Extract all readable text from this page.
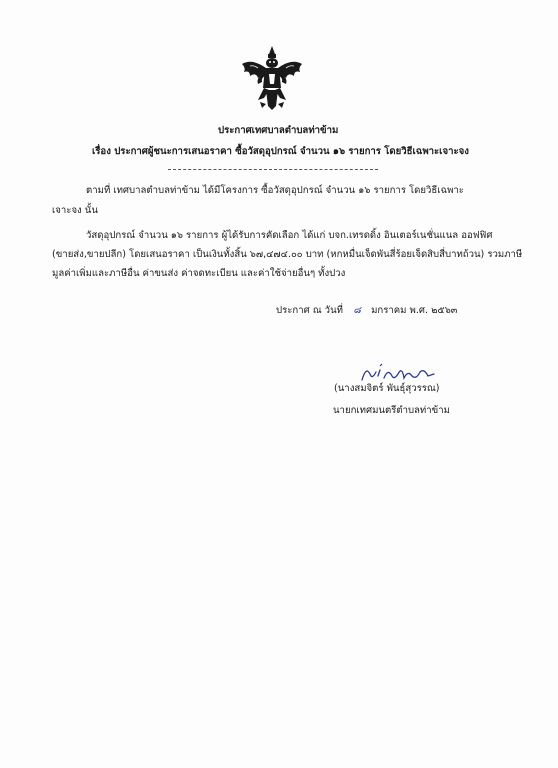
ประกาศเทศบาลตำบลท่าข้าม
เรื่อง ประกาศผู้ชนะการเสนอราคา ซื้อวัสดุอุปกรณ์ จำนวน ๑๖ รายการ โดยวิธีเฉพาะเจาะจง
ตามที่ เทศบาลตำบลท่าข้าม ได้มีโครงการ ซื้อวัสดุอุปกรณ์ จำนวน ๑๖ รายการ โดยวิธีเฉพาะ
เจาะจง นั้น
วัสดุอุปกรณ์ จำนวน ๑๖ รายการ ผู้ได้รับการคัดเลือก ได้แก่ บจก.เทรดดิ้ง อินเตอร์เนชั่นแนล ออฟฟิศ
(ขายส่ง,ขายปลีก) โดยเสนอราคา เป็นเงินทั้งสิ้น ๖๗,๔๗๔.๐๐ บาท (หกหมื่นเจ็ดพันสี่ร้อยเจ็ดสิบสี่บาทถ้วน) รวมภาษี
มูลค่าเพิ่มและภาษีอื่น ค่าขนส่ง ค่าจดทะเบียน และค่าใช้จ่ายอื่นๆ ทั้งปวง
ประกาศ ณ วันที่ ๘ มกราคม พ.ศ. ๒๕๖๓
(นางสมจิตร์ พันธุ์สุวรรณ)
นายกเทศมนตรีตำบลท่าข้าม
